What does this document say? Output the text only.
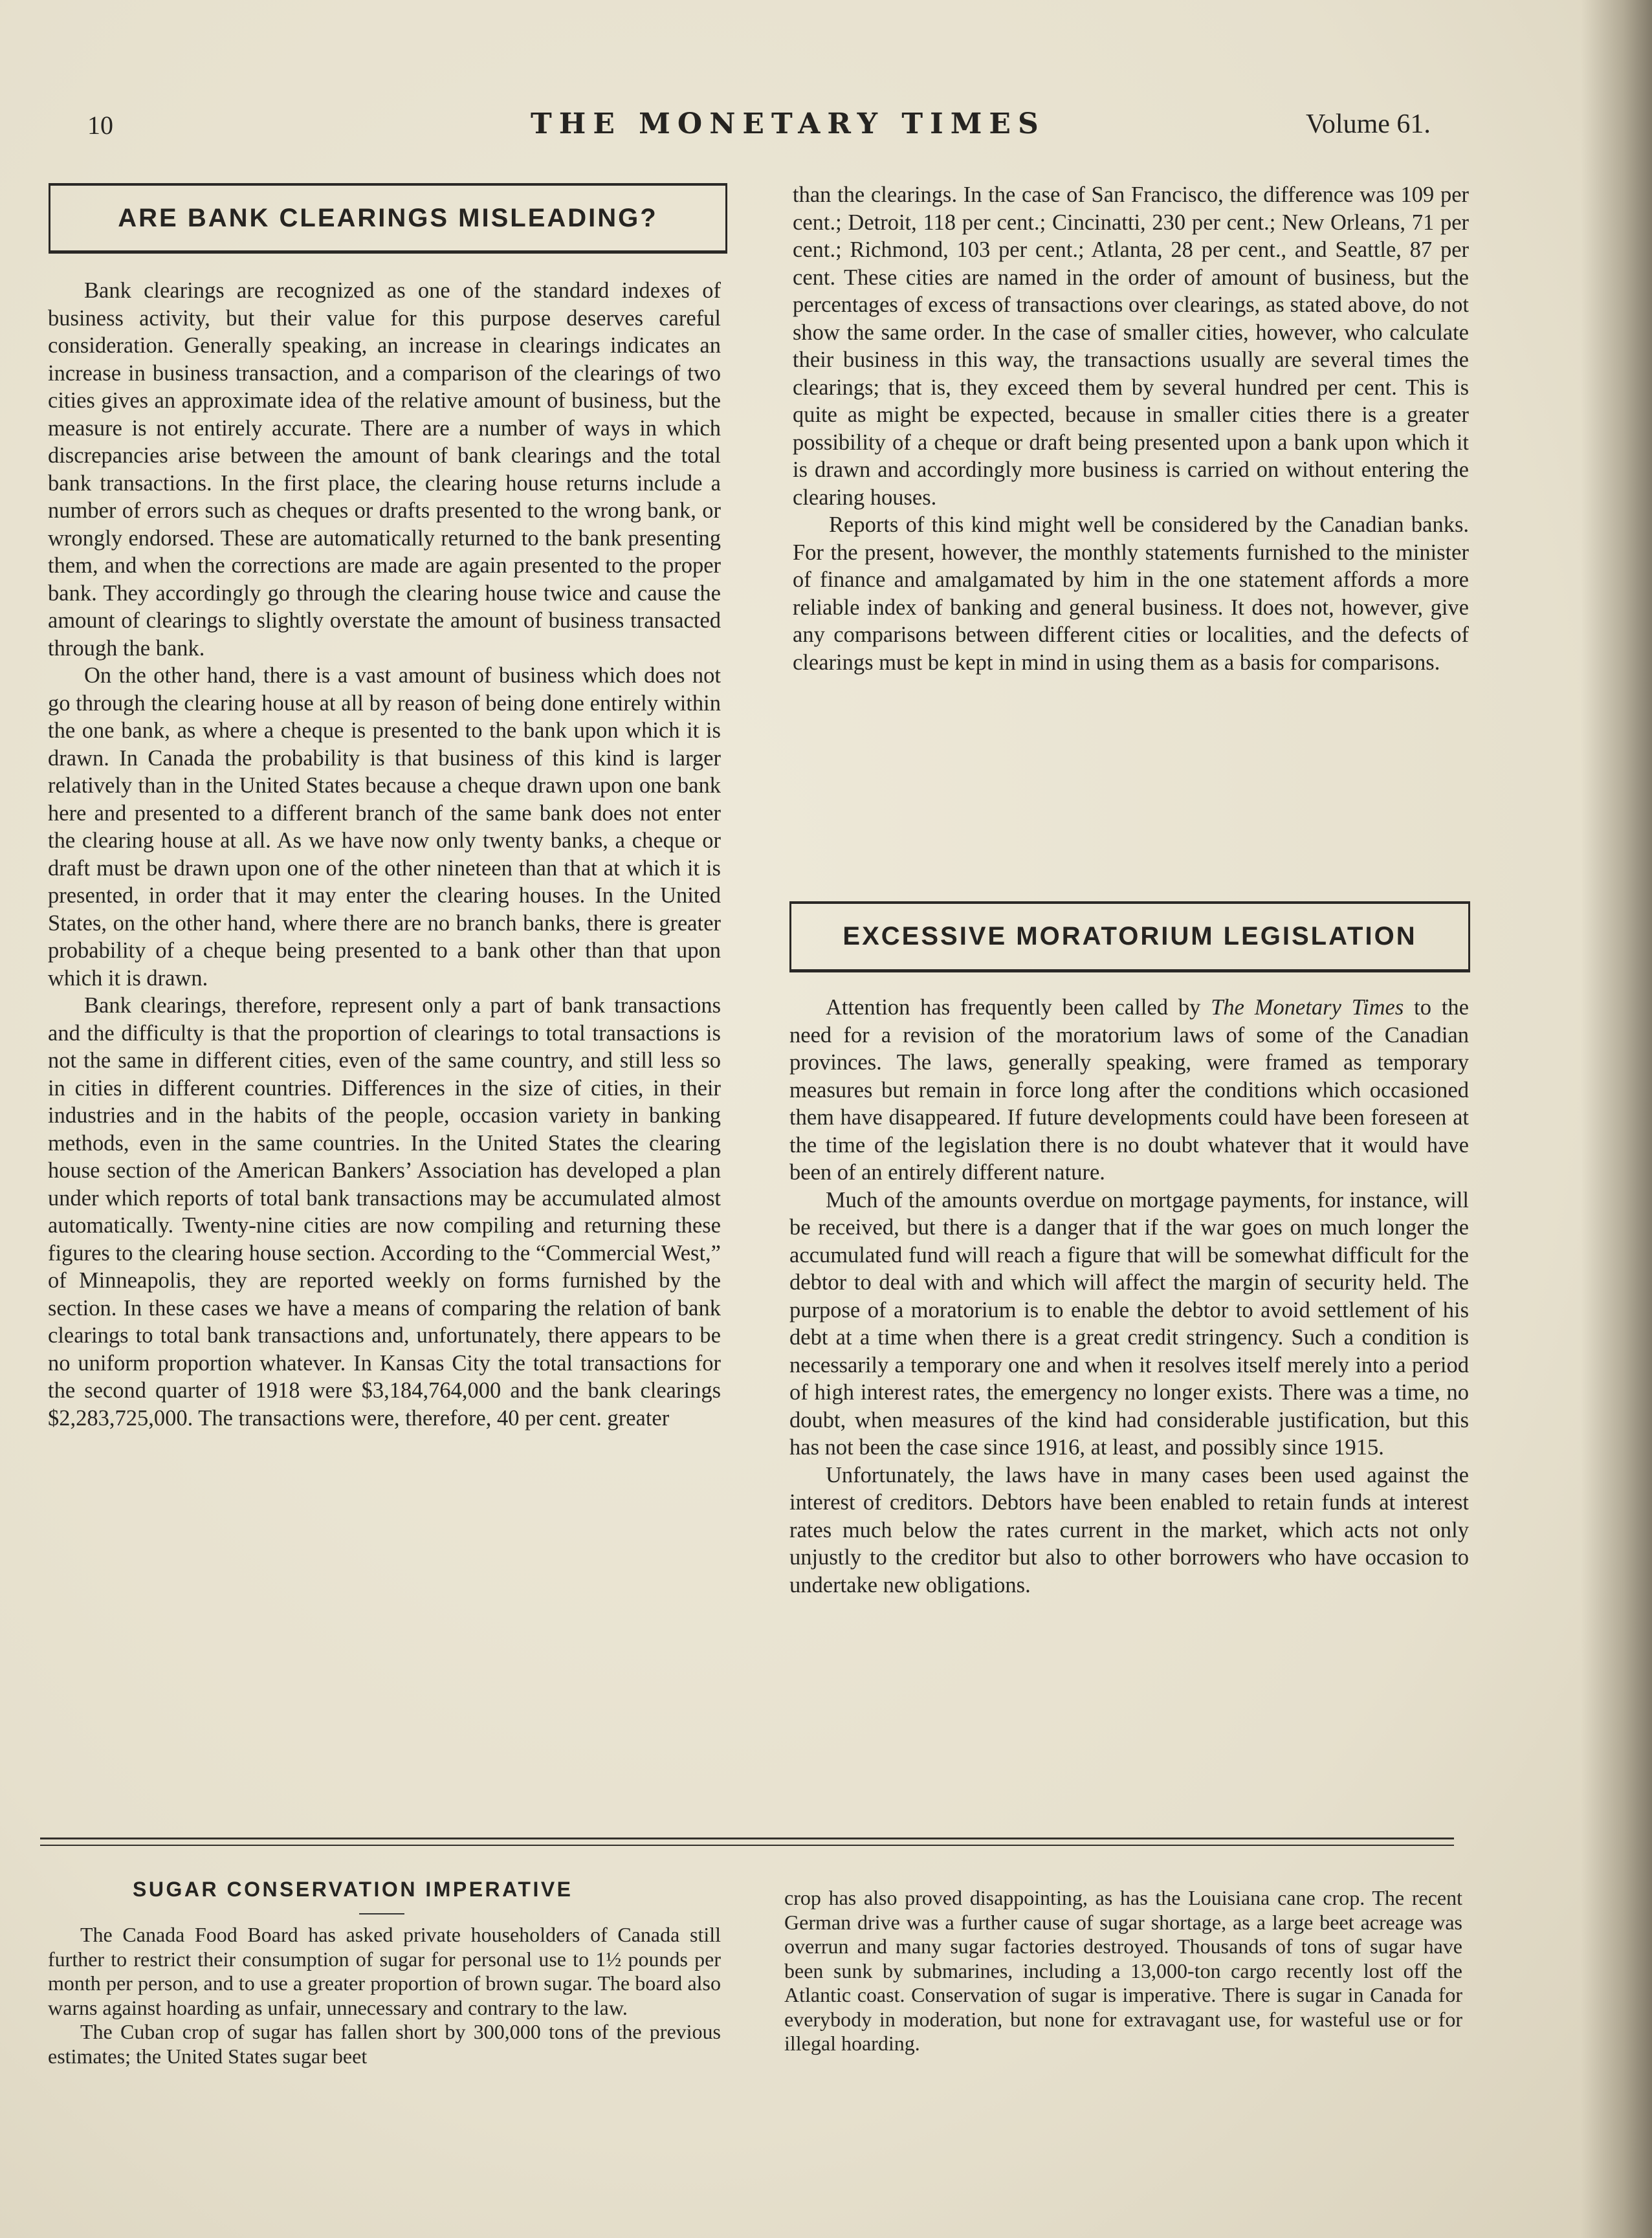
10	THE MONETARY TIMES	Volume 61.
ARE BANK CLEARINGS MISLEADING?

Bank clearings are recognized as one of the standard indexes of business activity, but their value for this purpose deserves careful consideration. Generally speaking, an increase in clearings indicates an increase in business transaction, and a comparison of the clearings of two cities gives an approximate idea of the relative amount of business, but the measure is not entirely accurate. There are a number of ways in which discrepancies arise between the amount of bank clearings and the total bank transactions. In the first place, the clearing house returns include a number of errors such as cheques or drafts presented to the wrong bank, or wrongly endorsed. These are automatically returned to the bank presenting them, and when the corrections are made are again presented to the proper bank. They accordingly go through the clearing house twice and cause the amount of clearings to slightly overstate the amount of business transacted through the bank.

On the other hand, there is a vast amount of business which does not go through the clearing house at all by reason of being done entirely within the one bank, as where a cheque is presented to the bank upon which it is drawn. In Canada the probability is that business of this kind is larger relatively than in the United States because a cheque drawn upon one bank here and presented to a different branch of the same bank does not enter the clearing house at all. As we have now only twenty banks, a cheque or draft must be drawn upon one of the other nineteen than that at which it is presented, in order that it may enter the clearing houses. In the United States, on the other hand, where there are no branch banks, there is greater probability of a cheque being presented to a bank other than that upon which it is drawn.

Bank clearings, therefore, represent only a part of bank transactions and the difficulty is that the proportion of clearings to total transactions is not the same in different cities, even of the same country, and still less so in cities in different countries. Differences in the size of cities, in their industries and in the habits of the people, occasion variety in banking methods, even in the same countries. In the United States the clearing house section of the American Bankers’ Association has developed a plan under which reports of total bank transactions may be accumulated almost automatically. Twenty-nine cities are now compiling and returning these figures to the clearing house section. According to the “Commercial West,” of Minneapolis, they are reported weekly on forms furnished by the section. In these cases we have a means of comparing the relation of bank clearings to total bank transactions and, unfortunately, there appears to be no uniform proportion whatever. In Kansas City the total transactions for the second quarter of 1918 were $3,184,764,000 and the bank clearings $2,283,725,000. The transactions were, therefore, 40 per cent. greater

than the clearings. In the case of San Francisco, the difference was 109 per cent.; Detroit, 118 per cent.; Cincinatti, 230 per cent.; New Orleans, 71 per cent.; Richmond, 103 per cent.; Atlanta, 28 per cent., and Seattle, 87 per cent. These cities are named in the order of amount of business, but the percentages of excess of transactions over clearings, as stated above, do not show the same order. In the case of smaller cities, however, who calculate their business in this way, the transactions usually are several times the clearings; that is, they exceed them by several hundred per cent. This is quite as might be expected, because in smaller cities there is a greater possibility of a cheque or draft being presented upon a bank upon which it is drawn and accordingly more business is carried on without entering the clearing houses.

Reports of this kind might well be considered by the Canadian banks. For the present, however, the monthly statements furnished to the minister of finance and amalgamated by him in the one statement affords a more reliable index of banking and general business. It does not, however, give any comparisons between different cities or localities, and the defects of clearings must be kept in mind in using them as a basis for comparisons.

EXCESSIVE MORATORIUM LEGISLATION

Attention has frequently been called by The Monetary Times to the need for a revision of the moratorium laws of some of the Canadian provinces. The laws, generally speaking, were framed as temporary measures but remain in force long after the conditions which occasioned them have disappeared. If future developments could have been foreseen at the time of the legislation there is no doubt whatever that it would have been of an entirely different nature.

Much of the amounts overdue on mortgage payments, for instance, will be received, but there is a danger that if the war goes on much longer the accumulated fund will reach a figure that will be somewhat difficult for the debtor to deal with and which will affect the margin of security held. The purpose of a moratorium is to enable the debtor to avoid settlement of his debt at a time when there is a great credit stringency. Such a condition is necessarily a temporary one and when it resolves itself merely into a period of high interest rates, the emergency no longer exists. There was a time, no doubt, when measures of the kind had considerable justification, but this has not been the case since 1916, at least, and possibly since 1915.

Unfortunately, the laws have in many cases been used against the interest of creditors. Debtors have been enabled to retain funds at interest rates much below the rates current in the market, which acts not only unjustly to the creditor but also to other borrowers who have occasion to undertake new obligations.

SUGAR CONSERVATION IMPERATIVE

The Canada Food Board has asked private householders of Canada still further to restrict their consumption of sugar for personal use to 1½ pounds per month per person, and to use a greater proportion of brown sugar. The board also warns against hoarding as unfair, unnecessary and contrary to the law.

The Cuban crop of sugar has fallen short by 300,000 tons of the previous estimates; the United States sugar beet

crop has also proved disappointing, as has the Louisiana cane crop. The recent German drive was a further cause of sugar shortage, as a large beet acreage was overrun and many sugar factories destroyed. Thousands of tons of sugar have been sunk by submarines, including a 13,000-ton cargo recently lost off the Atlantic coast. Conservation of sugar is imperative. There is sugar in Canada for everybody in moderation, but none for extravagant use, for wasteful use or for illegal hoarding.
